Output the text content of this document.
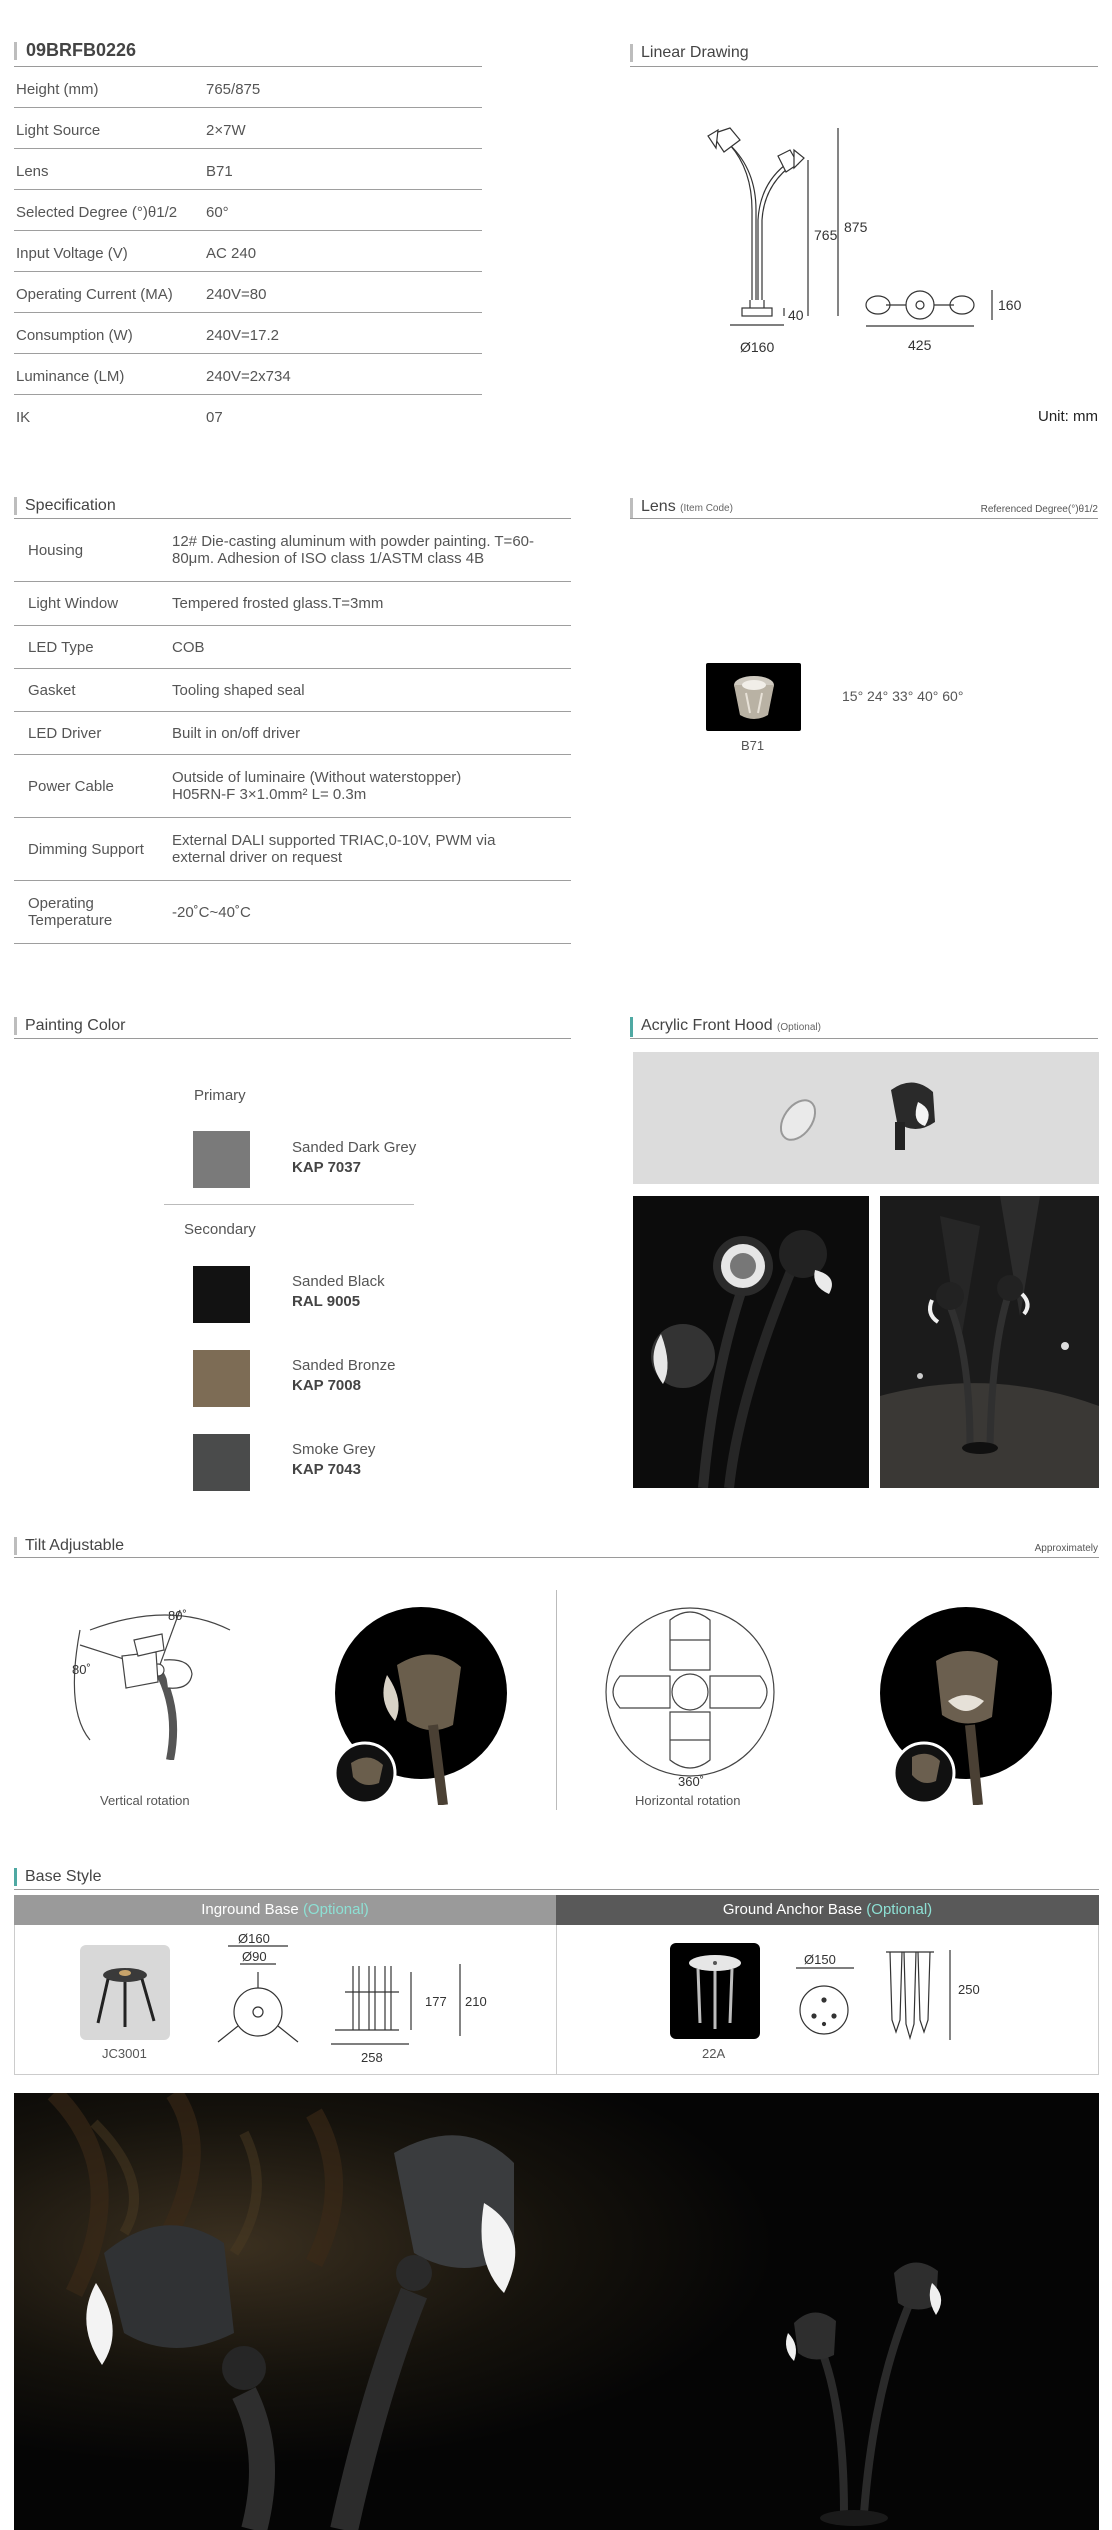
09BRFB0226
Height (mm)	765/875
Light Source	2×7W
Lens	B71
Selected Degree (°)θ1/2 60°
Input Voltage (V)	AC 240
Operating Current (MA) 240V=80
Consumption (W)	240V=17.2
Luminance (LM)	240V=2x734
IK	07
Linear Drawing
765 875
40
Ø160
160
425
Unit: mm
Specification
Housing	12# Die-casting aluminum with powder painting. T=60-80μm. Adhesion of ISO class 1/ASTM class 4B
Light Window	Tempered frosted glass.T=3mm
LED Type	COB
Gasket	Tooling shaped seal
LED Driver	Built in on/off driver
Power Cable	Outside of luminaire (Without waterstopper) H05RN-F 3×1.0mm² L= 0.3m
Dimming Support	External DALI supported TRIAC,0-10V, PWM via external driver on request
Operating Temperature	-20˚C~40˚C
Lens (Item Code)	Referenced Degree(°)θ1/2
B71
15° 24° 33° 40° 60°
Painting Color
Primary
Sanded Dark Grey
KAP 7037
Secondary
Sanded Black
RAL 9005
Sanded Bronze
KAP 7008
Smoke Grey
KAP 7043
Acrylic Front Hood (Optional)
Tilt Adjustable	Approximately
80˚
80˚
Vertical rotation
360˚
Horizontal rotation
Base Style
Inground Base (Optional)	Ground Anchor Base (Optional)
JC3001
Ø160
Ø90
177 210
258	22A
Ø150
250
